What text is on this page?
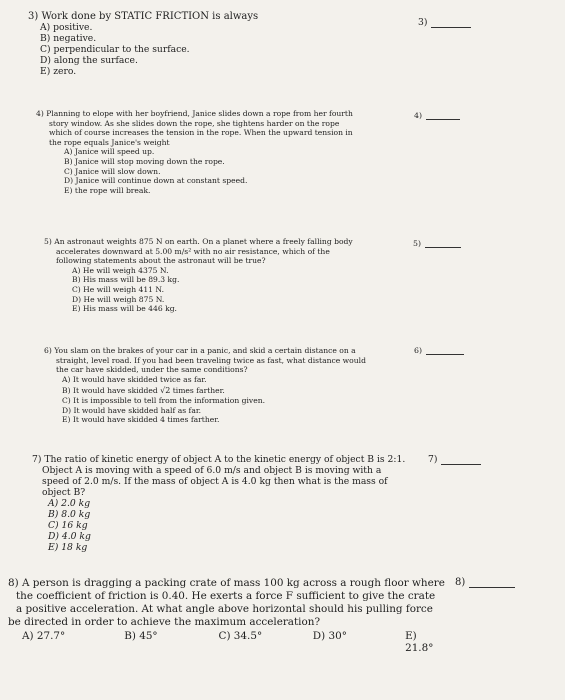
3) Work done by STATIC FRICTION is always
A) positive.
B) negative.
C) perpendicular to the surface.
D) along the surface.
E) zero.
3)
4) Planning to elope with her boyfriend, Janice slides down a rope from her fourth
story window. As she slides down the rope, she tightens harder on the rope
which of course increases the tension in the rope. When the upward tension in
the rope equals Janice's weight
A) Janice will speed up.
B) Janice will stop moving down the rope.
C) Janice will slow down.
D) Janice will continue down at constant speed.
E) the rope will break.
4)
5) An astronaut weights 875 N on earth. On a planet where a freely falling body
accelerates downward at 5.00 m/s² with no air resistance, which of the
following statements about the astronaut will be true?
A) He will weigh 4375 N.
B) His mass will be 89.3 kg.
C) He will weigh 411 N.
D) He will weigh 875 N.
E) His mass will be 446 kg.
5)
6) You slam on the brakes of your car in a panic, and skid a certain distance on a
straight, level road. If you had been traveling twice as fast, what distance would
the car have skidded, under the same conditions?
A) It would have skidded twice as far.
B) It would have skidded √2 times farther.
C) It is impossible to tell from the information given.
D) It would have skidded half as far.
E) It would have skidded 4 times farther.
6)
7) The ratio of kinetic energy of object A to the kinetic energy of object B is 2:1.
Object A is moving with a speed of 6.0 m/s and object B is moving with a
speed of 2.0 m/s. If the mass of object A is 4.0 kg then what is the mass of
object B?
A) 2.0 kg
B) 8.0 kg
C) 16 kg
D) 4.0 kg
E) 18 kg
7)
8) A person is dragging a packing crate of mass 100 kg across a rough floor where
the coefficient of friction is 0.40. He exerts a force F sufficient to give the crate
a positive acceleration. At what angle above horizontal should his pulling force
be directed in order to achieve the maximum acceleration?
A) 27.7°	B) 45°	C) 34.5°	D) 30°	E) 21.8°
8)
